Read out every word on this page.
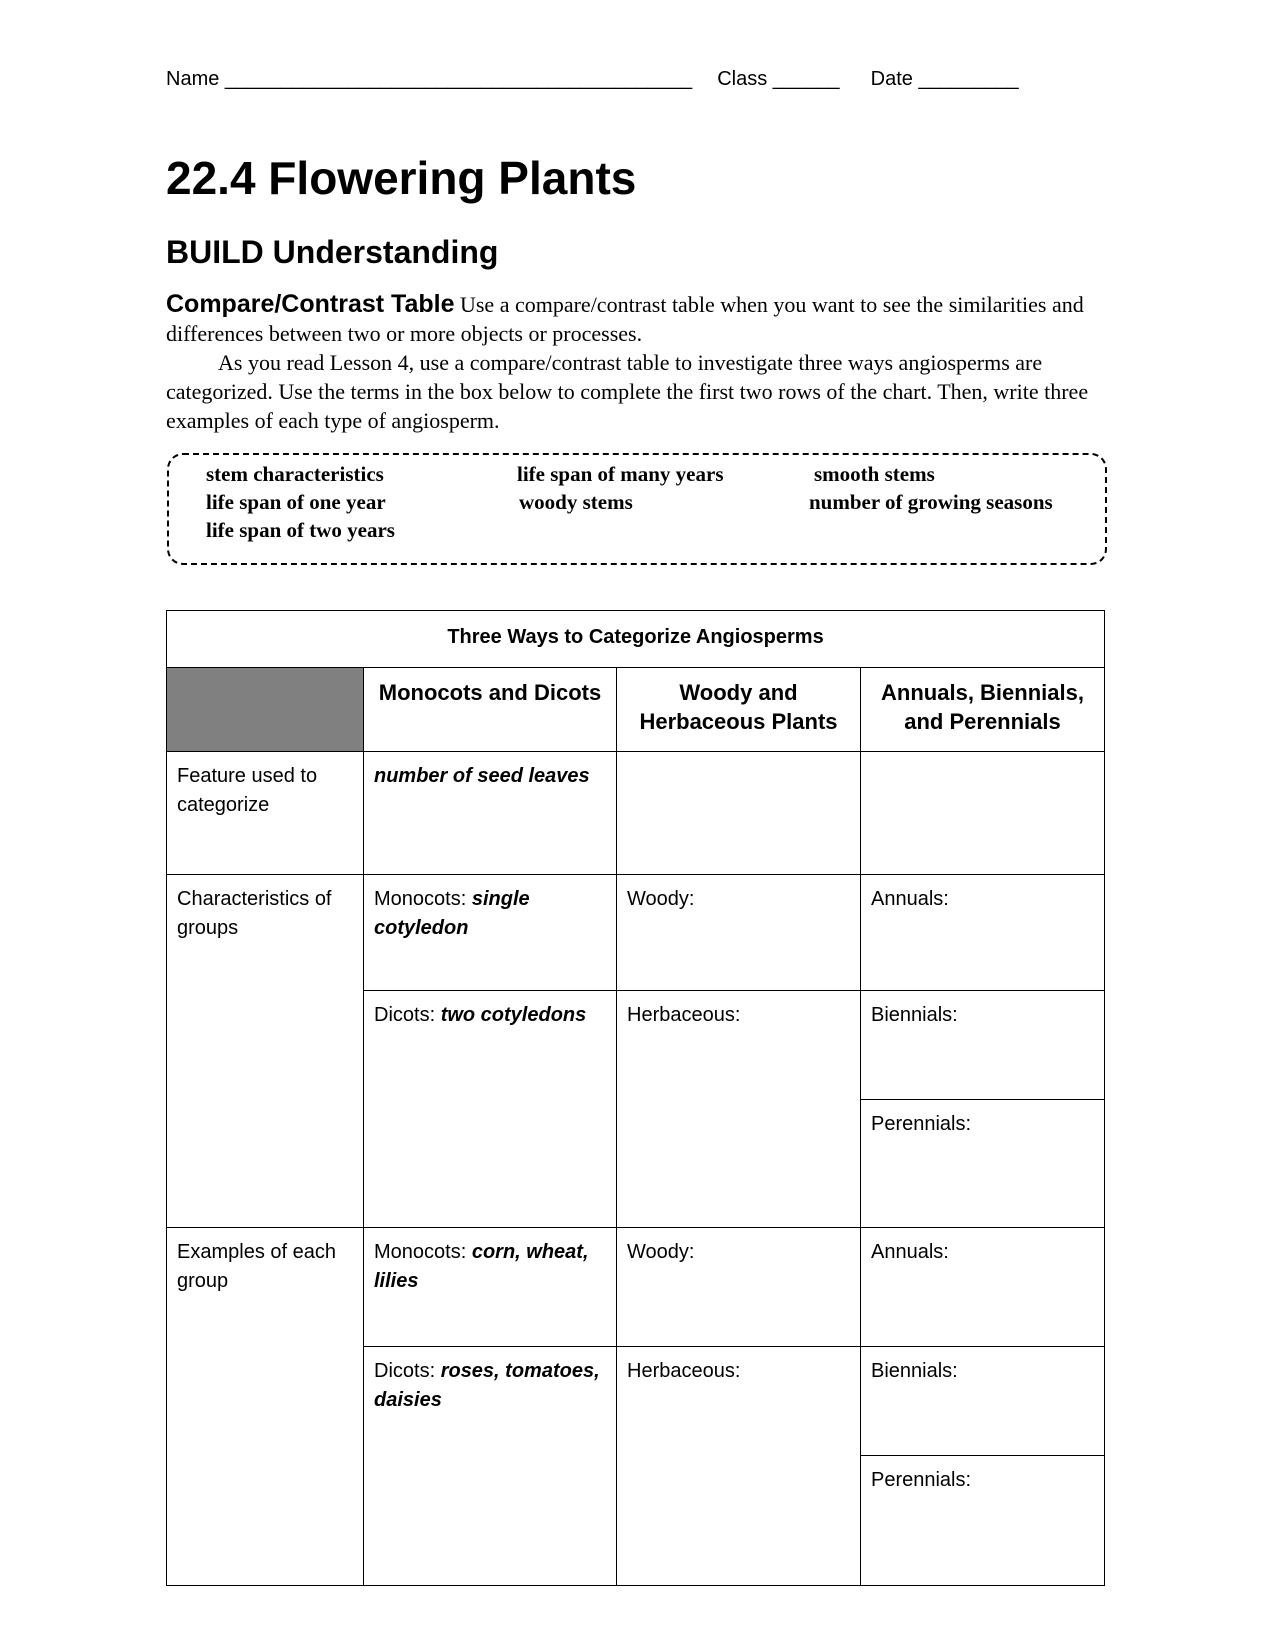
Name __________________________________________ Class ______ Date _________
22.4 Flowering Plants
BUILD Understanding

Compare/Contrast Table Use a compare/contrast table when you want to see the similarities and differences between two or more objects or processes.

As you read Lesson 4, use a compare/contrast table to investigate three ways angiosperms are categorized. Use the terms in the box below to complete the first two rows of the chart. Then, write three examples of each type of angiosperm.

stem characteristics
life span of one year
life span of two years
life span of many years
woody stems
smooth stems
number of growing seasons
Three Ways to Categorize Angiosperms			
	Monocots and Dicots	Woody and Herbaceous Plants	Annuals, Biennials, and Perennials
Feature used to categorize	number of seed leaves		
Characteristics of groups	Monocots: single cotyledon	Woody:	Annuals:
	Dicots: two cotyledons	Herbaceous:	Biennials:
			Perennials:
Examples of each group	Monocots: corn, wheat, lilies	Woody:	Annuals:
	Dicots: roses, tomatoes, daisies	Herbaceous:	Biennials:
			Perennials:
